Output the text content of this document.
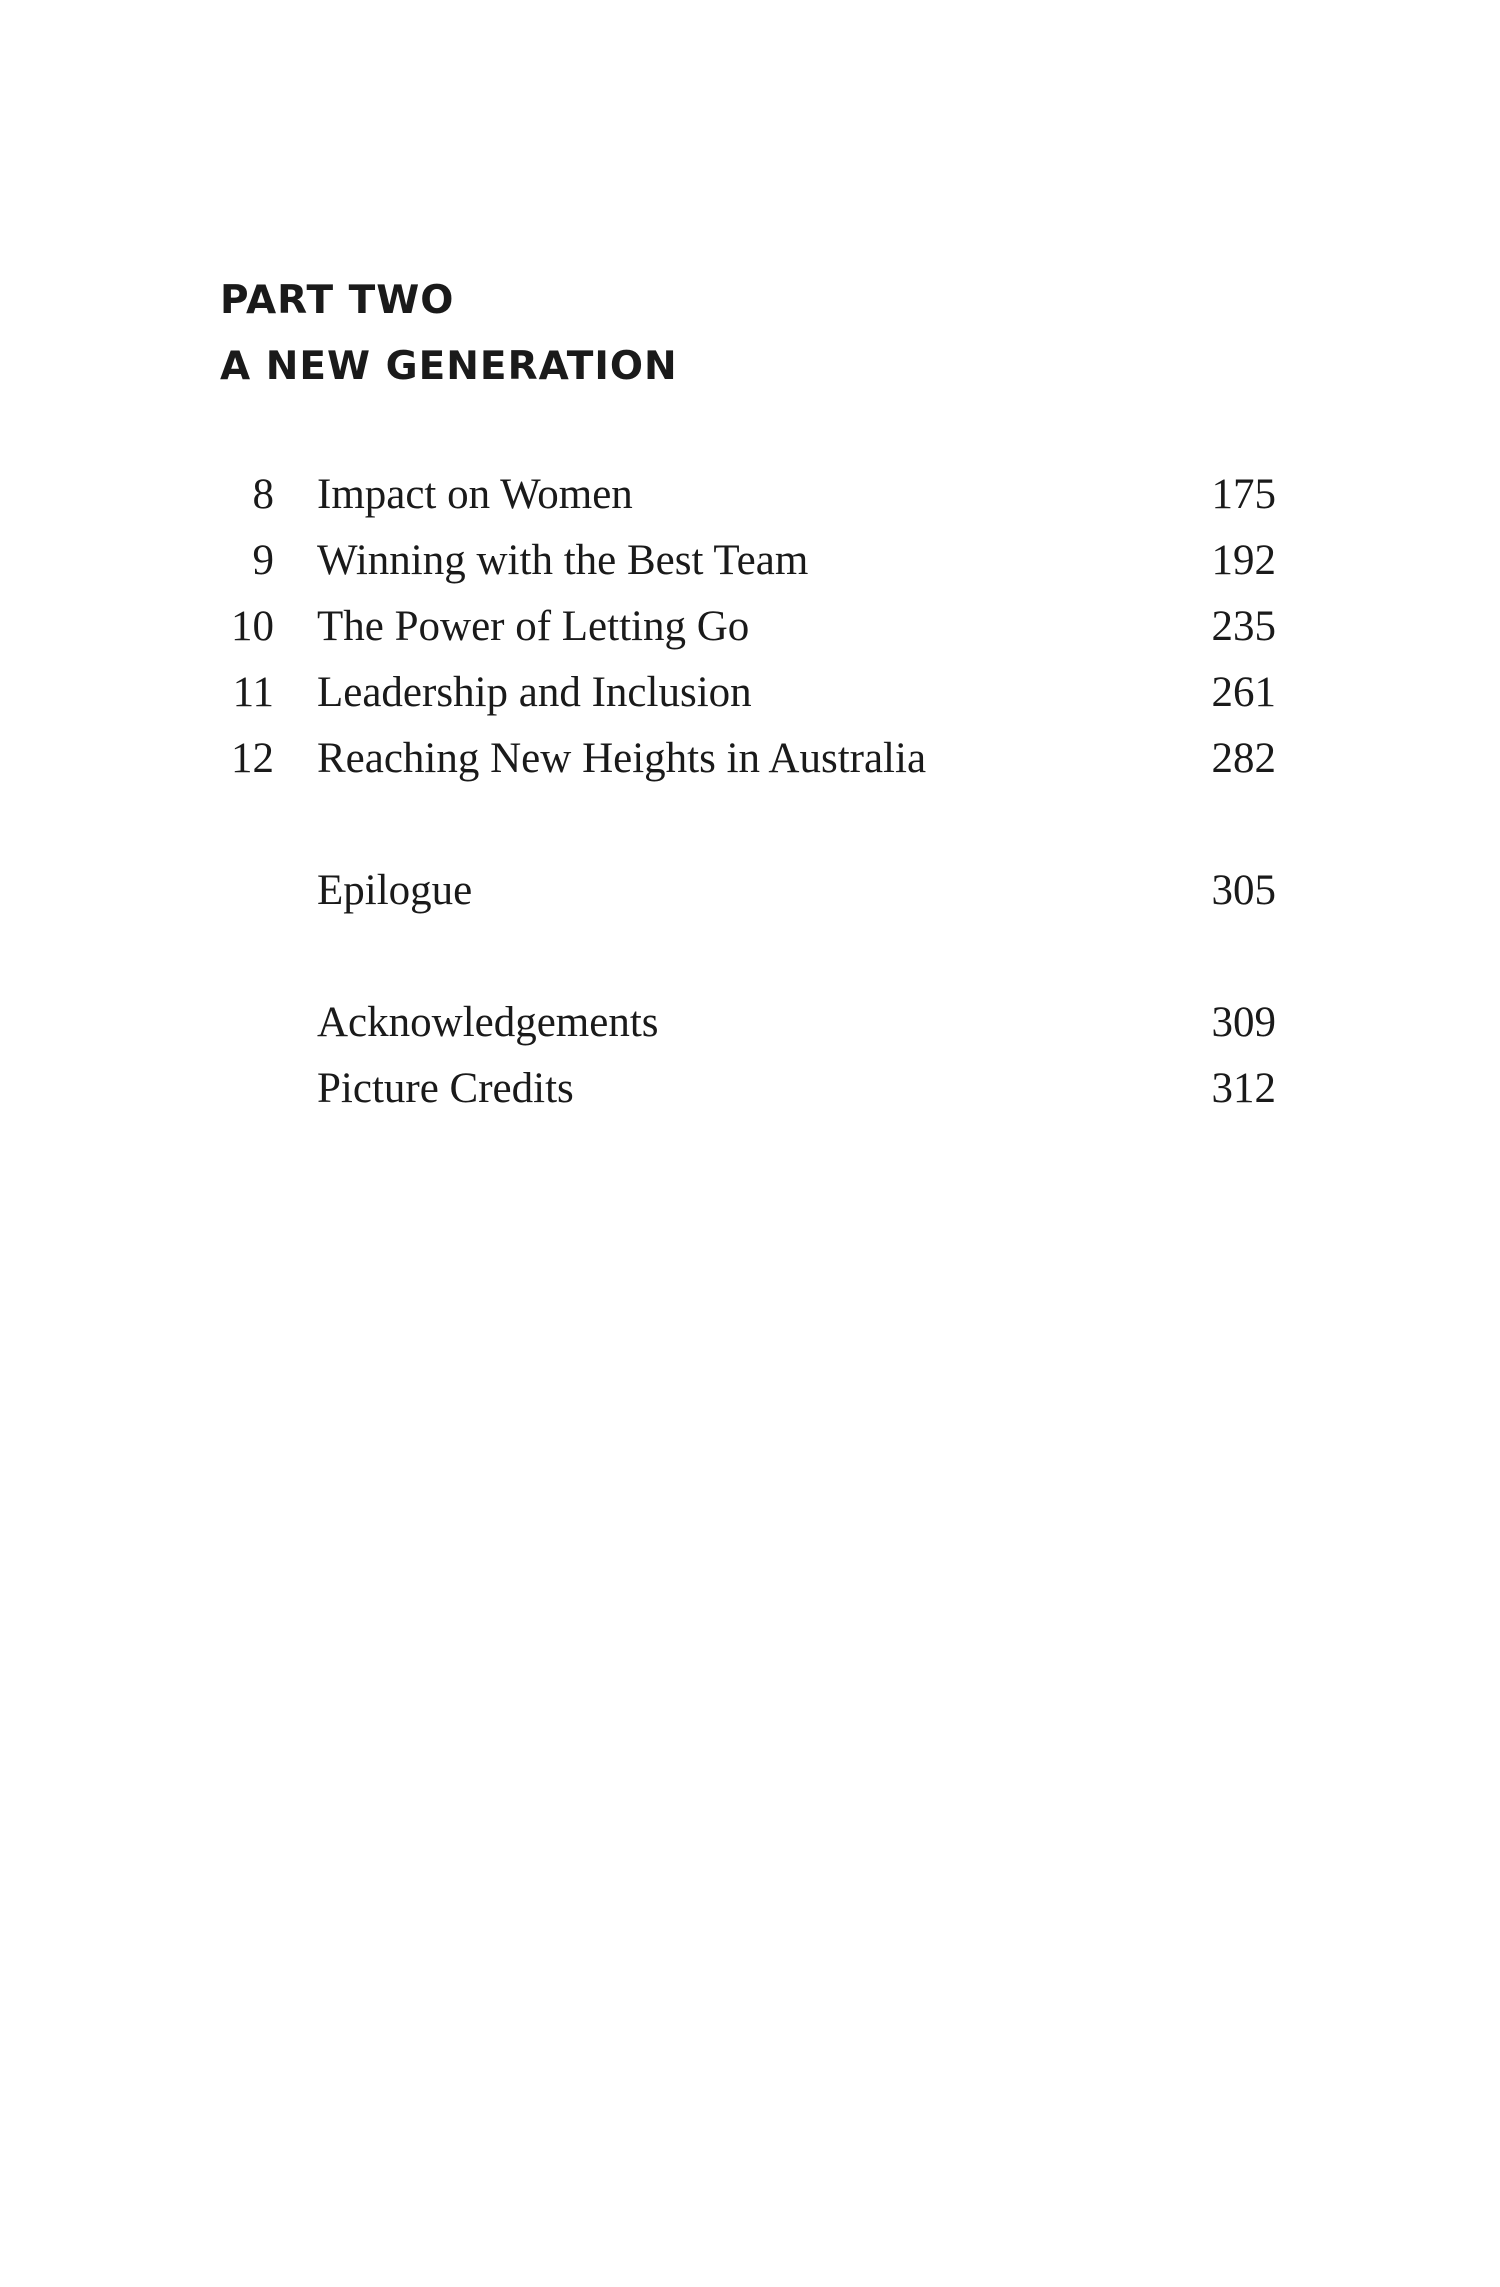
PART TWO
A NEW GENERATION
8 Impact on Women	175
9 Winning with the Best Team	192
10 The Power of Letting Go	235
11 Leadership and Inclusion	261
12 Reaching New Heights in Australia	282
Epilogue	305
Acknowledgements	309
Picture Credits	312
